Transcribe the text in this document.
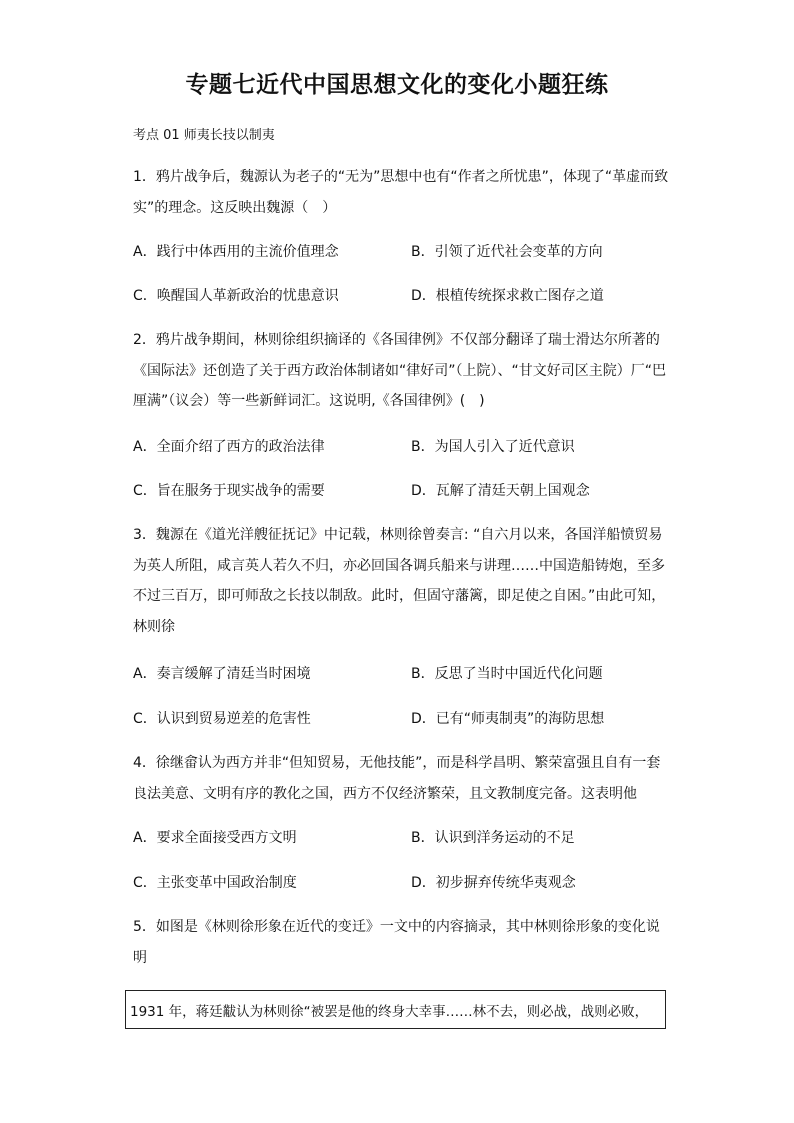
专题七近代中国思想文化的变化小题狂练
考点 01 师夷长技以制夷
1．鸦片战争后，魏源认为老子的“无为”思想中也有“作者之所忧患”，体现了“革虚而致实”的理念。这反映出魏源（　）
A．践行中体西用的主流价值理念	B．引领了近代社会变革的方向
C．唤醒国人革新政治的忧患意识	D．根植传统探求救亡图存之道
2．鸦片战争期间，林则徐组织摘译的《各国律例》不仅部分翻译了瑞士滑达尔所著的《国际法》还创造了关于西方政治体制诸如“律好司”（上院）、“甘文好司区主院）厂“巴厘满”（议会）等一些新鲜词汇。这说明,《各国律例》(　)
A．全面介绍了西方的政治法律	B．为国人引入了近代意识
C．旨在服务于现实战争的需要	D．瓦解了清廷天朝上国观念
3．魏源在《道光洋艘征抚记》中记载，林则徐曾奏言: “自六月以来，各国洋船愤贸易为英人所阻，咸言英人若久不归，亦必回国各调兵船来与讲理……中国造船铸炮，至多不过三百万，即可师敌之长技以制敌。此时，但固守藩篱，即足使之自困。”由此可知，林则徐
A．奏言缓解了清廷当时困境	B．反思了当时中国近代化问题
C．认识到贸易逆差的危害性	D．已有“师夷制夷”的海防思想
4．徐继畲认为西方并非“但知贸易，无他技能”，而是科学昌明、繁荣富强且自有一套良法美意、文明有序的教化之国，西方不仅经济繁荣，且文教制度完备。这表明他
A．要求全面接受西方文明	B．认识到洋务运动的不足
C．主张变革中国政治制度	D．初步摒弃传统华夷观念
5．如图是《林则徐形象在近代的变迁》一文中的内容摘录，其中林则徐形象的变化说明
1931 年，蒋廷黻认为林则徐“被罢是他的终身大幸事……林不去，则必战，战则必败，
